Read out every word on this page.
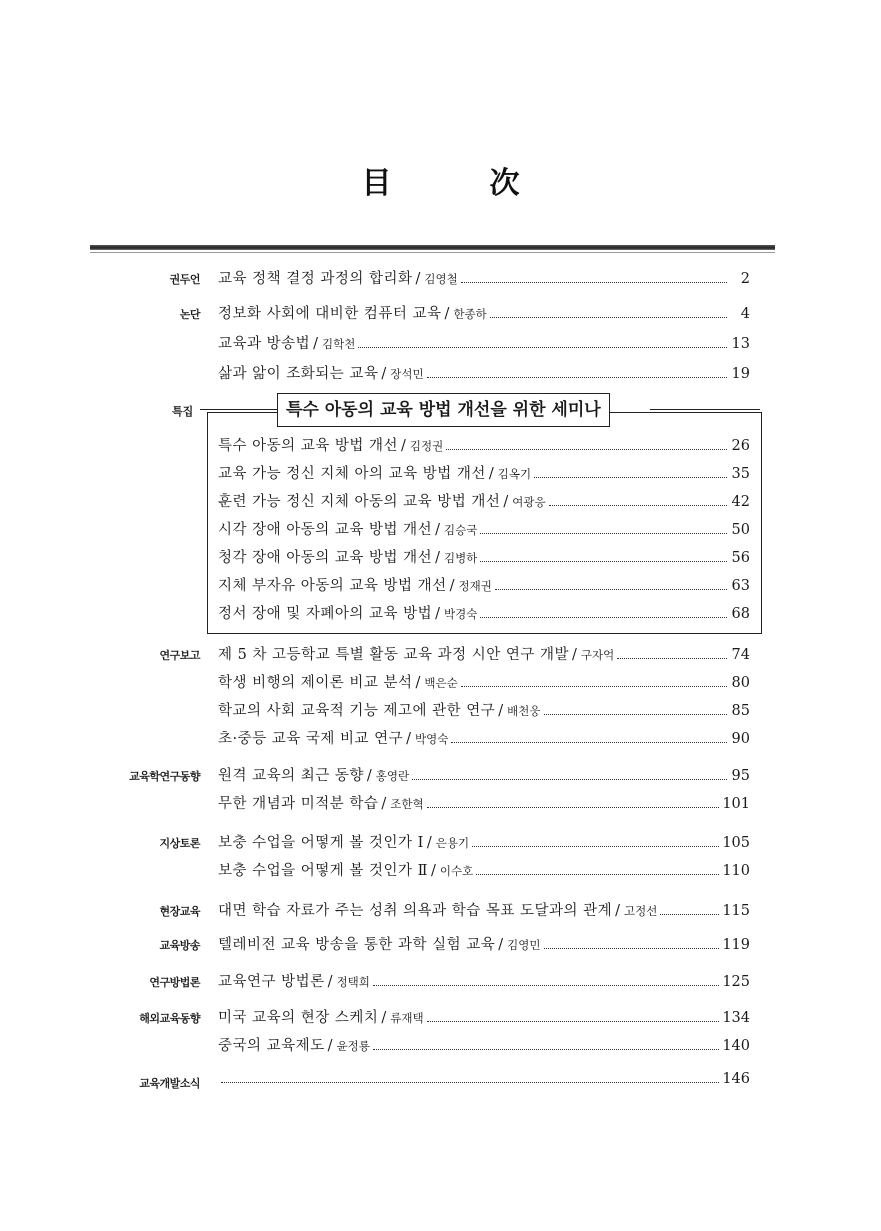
目　次
권두언 교육 정책 결정 과정의 합리화 / 김영철	2
논단 정보화 사회에 대비한 컴퓨터 교육 / 한종하	4
교육과 방송법 / 김학천	13
삶과 앎이 조화되는 교육 / 장석민	19
특수 아동의 교육 방법 개선 / 김정권	26
교육 가능 정신 지체 아의 교육 방법 개선 / 김옥기	35
훈련 가능 정신 지체 아동의 교육 방법 개선 / 여광응	42
시각 장애 아동의 교육 방법 개선 / 김승국	50
청각 장애 아동의 교육 방법 개선 / 김병하	56
지체 부자유 아동의 교육 방법 개선 / 정재권	63
정서 장애 및 자폐아의 교육 방법 / 박경숙	68
연구보고 제 5 차 고등학교 특별 활동 교육 과정 시안 연구 개발 / 구자억	74
학생 비행의 제이론 비교 분석 / 백은순	80
학교의 사회 교육적 기능 제고에 관한 연구 / 배천웅	85
초·중등 교육 국제 비교 연구 / 박영숙	90
교육학연구동향 원격 교육의 최근 동향 / 홍영란	95
무한 개념과 미적분 학습 / 조한혁	101
지상토론 보충 수업을 어떻게 볼 것인가 Ⅰ / 은용기	105
보충 수업을 어떻게 볼 것인가 Ⅱ / 이수호	110
현장교육 대면 학습 자료가 주는 성취 의욕과 학습 목표 도달과의 관계 / 고정선	115
교육방송 텔레비전 교육 방송을 통한 과학 실험 교육 / 김영민	119
연구방법론 교육연구 방법론 / 정택희	125
해외교육동향 미국 교육의 현장 스케치 / 류재택	134
중국의 교육제도 / 윤정룡	140
교육개발소식	146
특수 아동의 교육 방법 개선을 위한 세미나
특집
